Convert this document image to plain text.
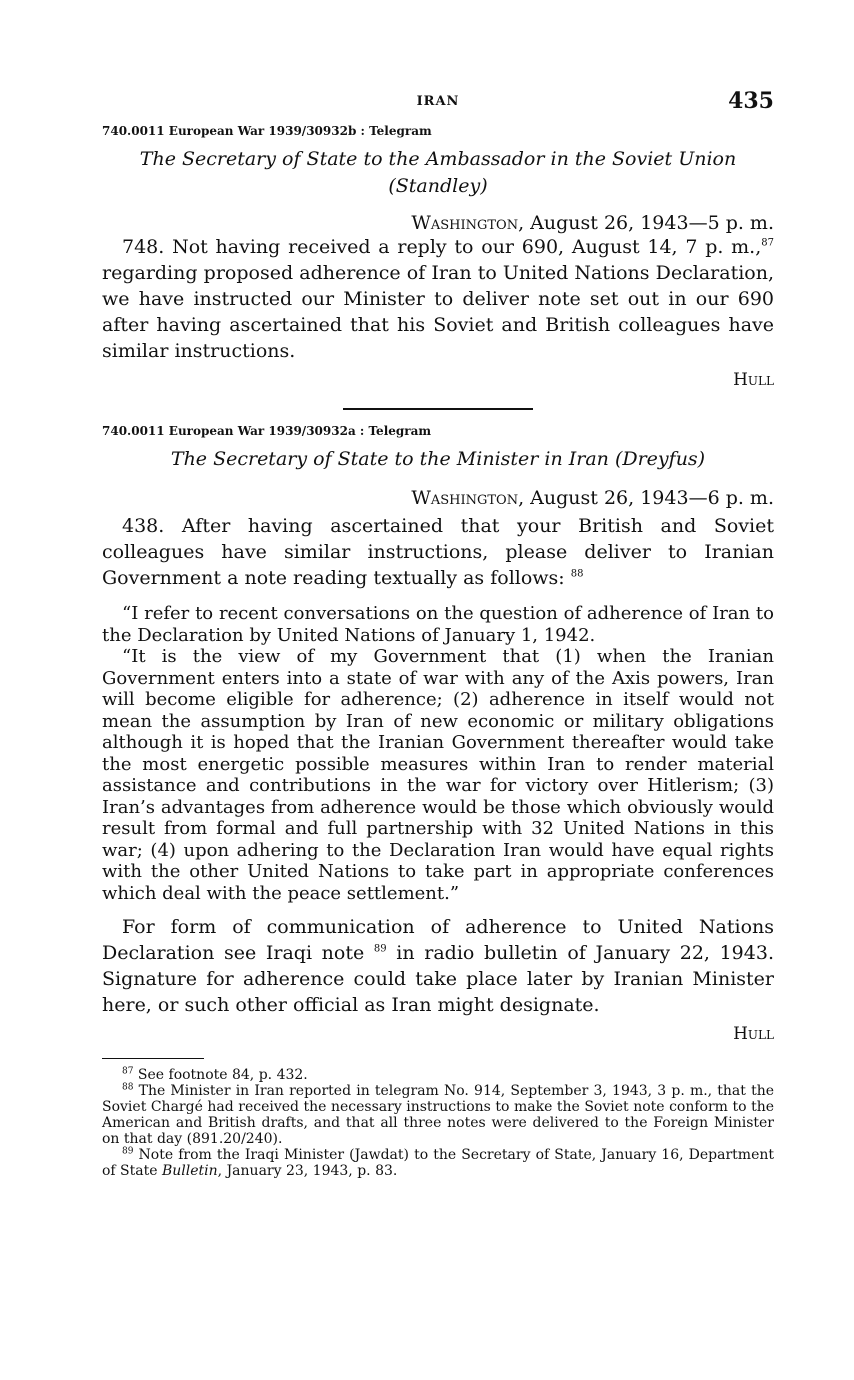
IRAN	435
740.0011 European War 1939/30932b : Telegram
The Secretary of State to the Ambassador in the Soviet Union
(Standley)
Washington, August 26, 1943—5 p. m.

748. Not having received a reply to our 690, August 14, 7 p. m.,$^{87}$ regarding proposed adherence of Iran to United Nations Declaration, we have instructed our Minister to deliver note set out in our 690 after having ascertained that his Soviet and British colleagues have similar instructions.

Hull
740.0011 European War 1939/30932a : Telegram
The Secretary of State to the Minister in Iran (Dreyfus)
Washington, August 26, 1943—6 p. m.

438. After having ascertained that your British and Soviet colleagues have similar instructions, please deliver to Iranian Government a note reading textually as follows: $^{88}$

“I refer to recent conversations on the question of adherence of Iran to the Declaration by United Nations of January 1, 1942.

“It is the view of my Government that (1) when the Iranian Government enters into a state of war with any of the Axis powers, Iran will become eligible for adherence; (2) adherence in itself would not mean the assumption by Iran of new economic or military obligations although it is hoped that the Iranian Government thereafter would take the most energetic possible measures within Iran to render material assistance and contributions in the war for victory over Hitlerism; (3) Iran’s advantages from adherence would be those which obviously would result from formal and full partnership with 32 United Nations in this war; (4) upon adhering to the Declaration Iran would have equal rights with the other United Nations to take part in appropriate conferences which deal with the peace settlement.”

For form of communication of adherence to United Nations Declaration see Iraqi note $^{89}$ in radio bulletin of January 22, 1943. Signature for adherence could take place later by Iranian Minister here, or such other official as Iran might designate.

Hull

$^{87}$ See footnote 84, p. 432.

$^{88}$ The Minister in Iran reported in telegram No. 914, September 3, 1943, 3 p. m., that the Soviet Chargé had received the necessary instructions to make the Soviet note conform to the American and British drafts, and that all three notes were delivered to the Foreign Minister on that day (891.20/240).

$^{89}$ Note from the Iraqi Minister (Jawdat) to the Secretary of State, January 16, Department of State Bulletin, January 23, 1943, p. 83.
